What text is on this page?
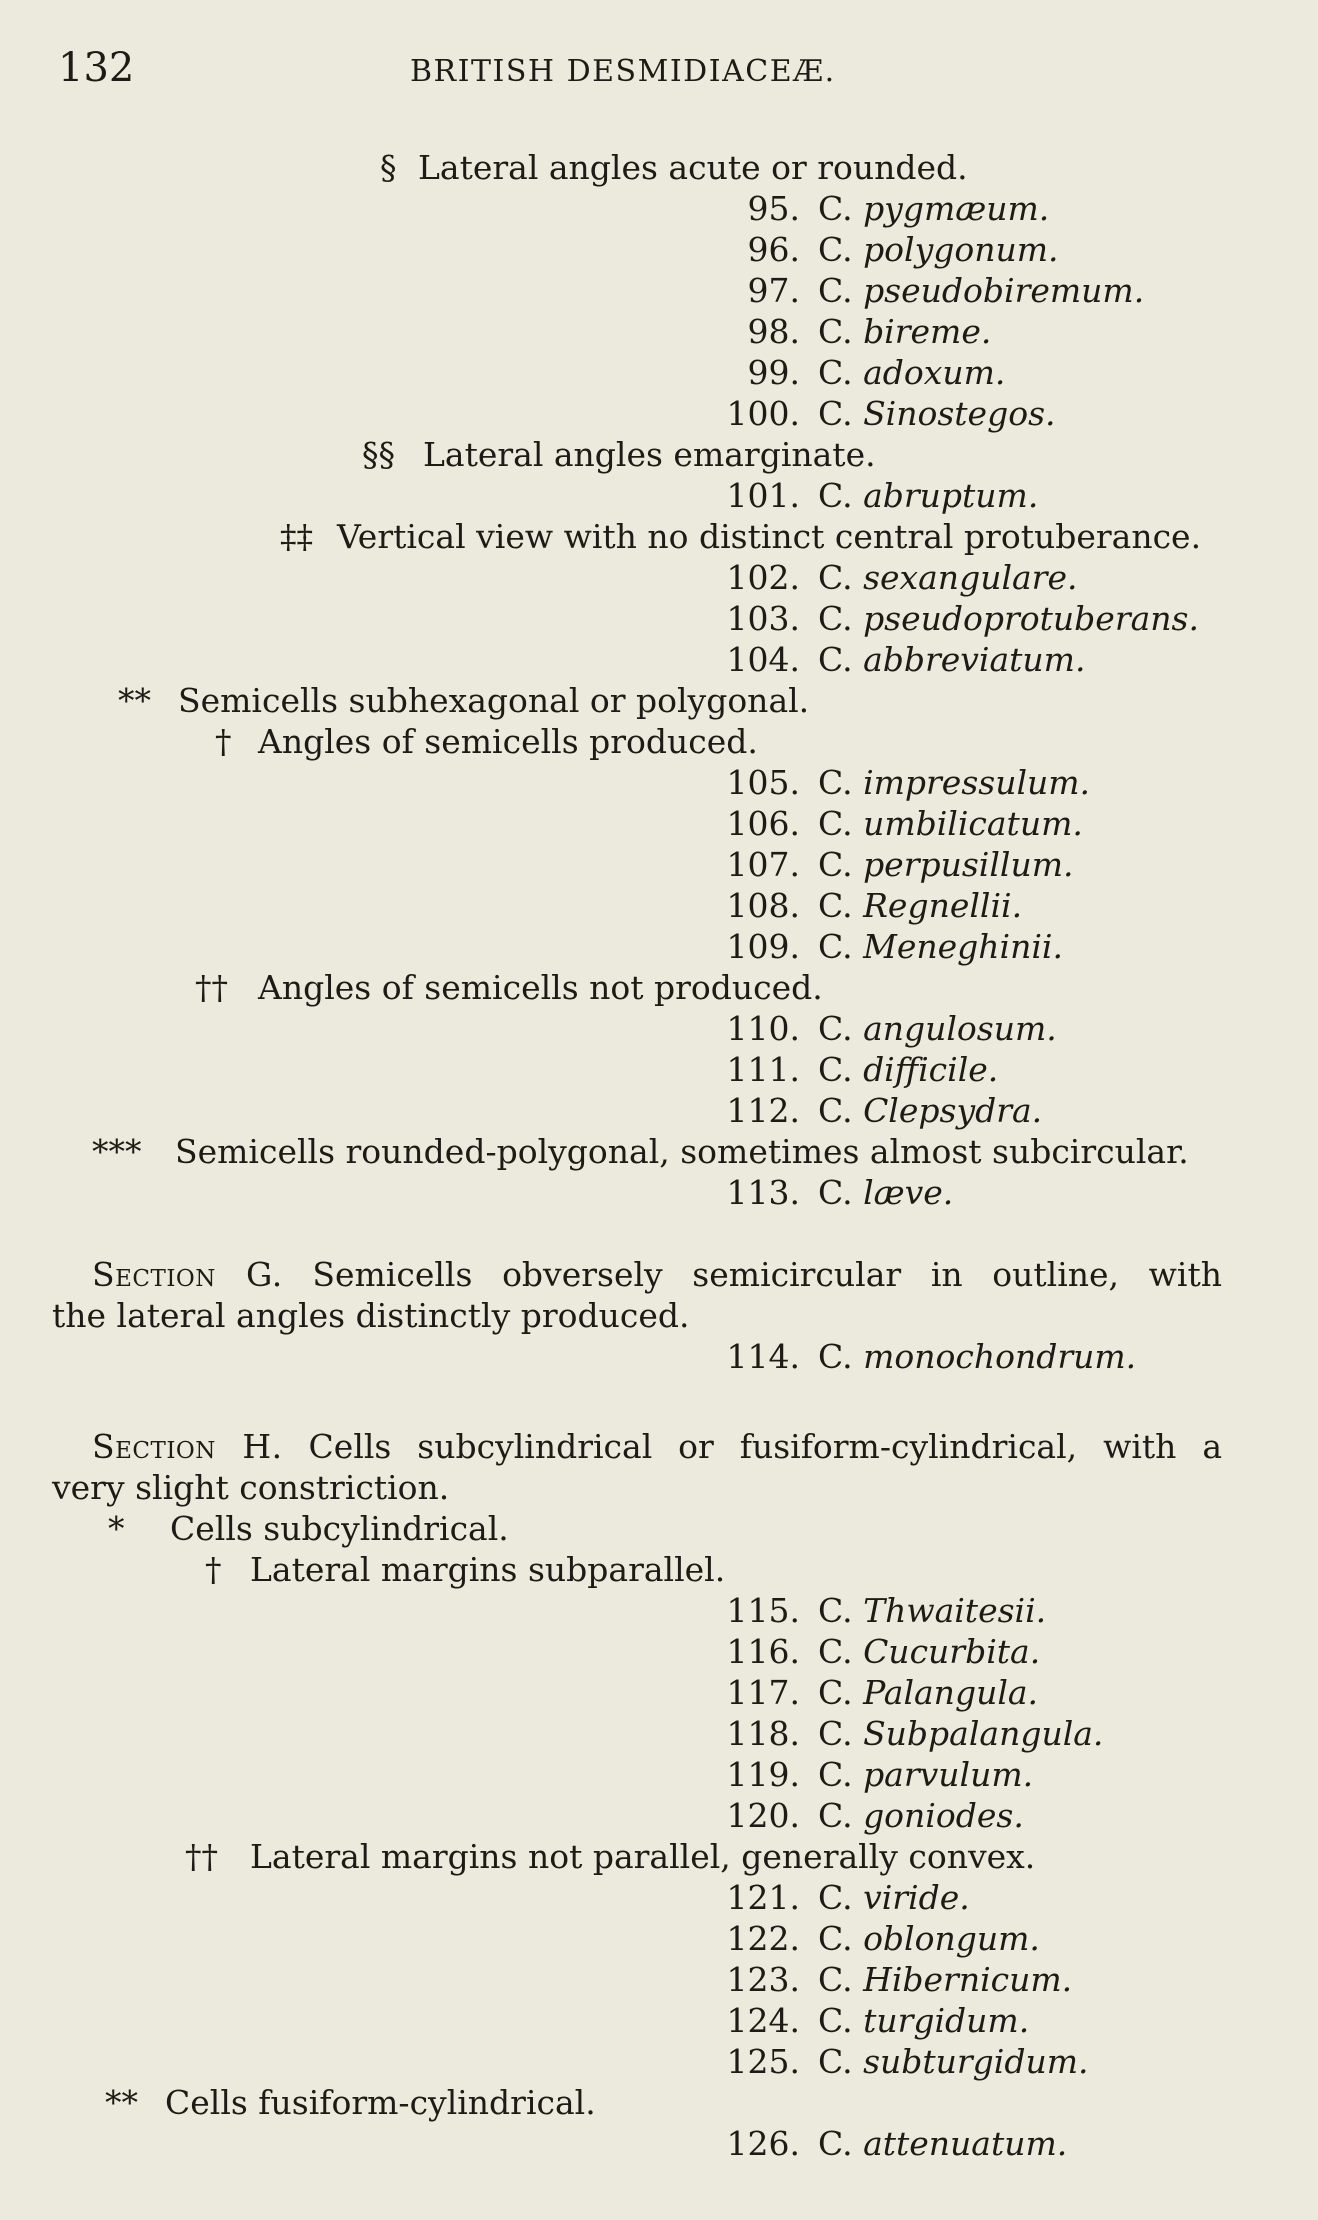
132	BRITISH DESMIDIACEÆ.
§ Lateral angles acute or rounded.
95. C. pygmæum.
96. C. polygonum.
97. C. pseudobiremum.
98. C. bireme.
99. C. adoxum.
100. C. Sinostegos.
§§ Lateral angles emarginate.
101. C. abruptum.
‡‡ Vertical view with no distinct central protuberance.
102. C. sexangulare.
103. C. pseudoprotuberans.
104. C. abbreviatum.
** Semicells subhexagonal or polygonal.
† Angles of semicells produced.
105. C. impressulum.
106. C. umbilicatum.
107. C. perpusillum.
108. C. Regnellii.
109. C. Meneghinii.
†† Angles of semicells not produced.
110. C. angulosum.
111. C. difficile.
112. C. Clepsydra.
*** Semicells rounded-polygonal, sometimes almost subcircular.
113. C. læve.
Section G. Semicells obversely semicircular in outline, with
the lateral angles distinctly produced.
114. C. monochondrum.
Section H. Cells subcylindrical or fusiform-cylindrical, with a
very slight constriction.
* Cells subcylindrical.
† Lateral margins subparallel.
115. C. Thwaitesii.
116. C. Cucurbita.
117. C. Palangula.
118. C. Subpalangula.
119. C. parvulum.
120. C. goniodes.
†† Lateral margins not parallel, generally convex.
121. C. viride.
122. C. oblongum.
123. C. Hibernicum.
124. C. turgidum.
125. C. subturgidum.
** Cells fusiform-cylindrical.
126. C. attenuatum.
